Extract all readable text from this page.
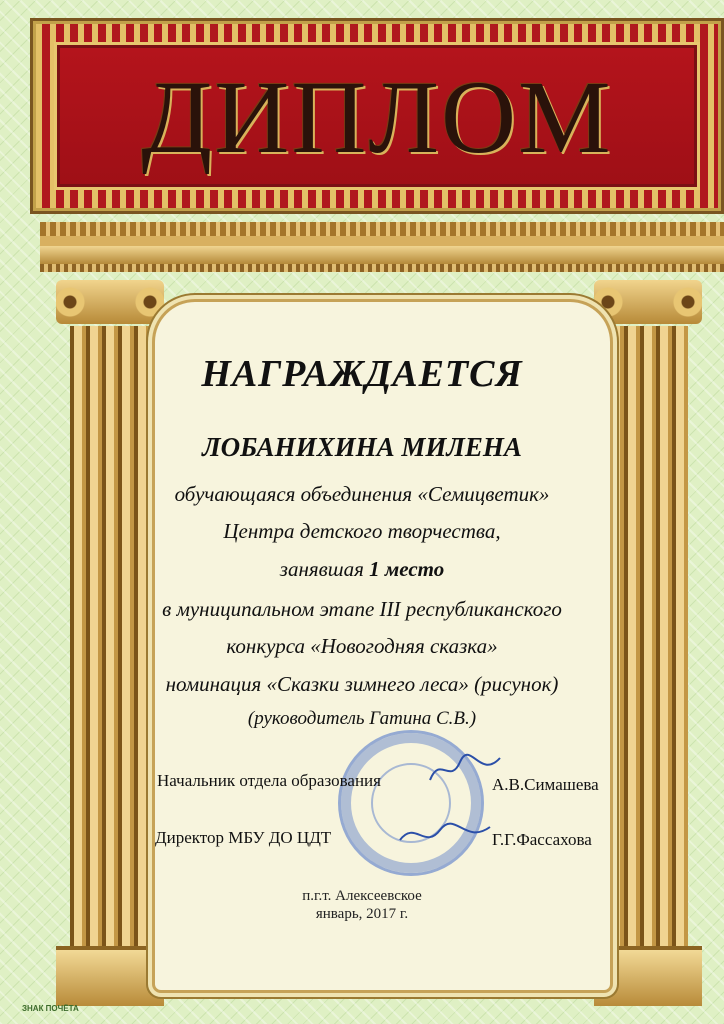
ДИПЛОМ
НАГРАЖДАЕТСЯ
ЛОБАНИХИНА МИЛЕНА
обучающаяся объединения «Семицветик»
Центра детского творчества,
занявшая 1 место
в муниципальном этапе III республиканского
конкурса «Новогодняя сказка»
номинация «Сказки зимнего леса» (рисунок)
(руководитель Гатина С.В.)
Начальник отдела образования	А.В.Симашева
Директор МБУ ДО ЦДТ	Г.Г.Фассахова
п.г.т. Алексеевское
январь, 2017 г.
ЗНАК ПОЧЁТА
